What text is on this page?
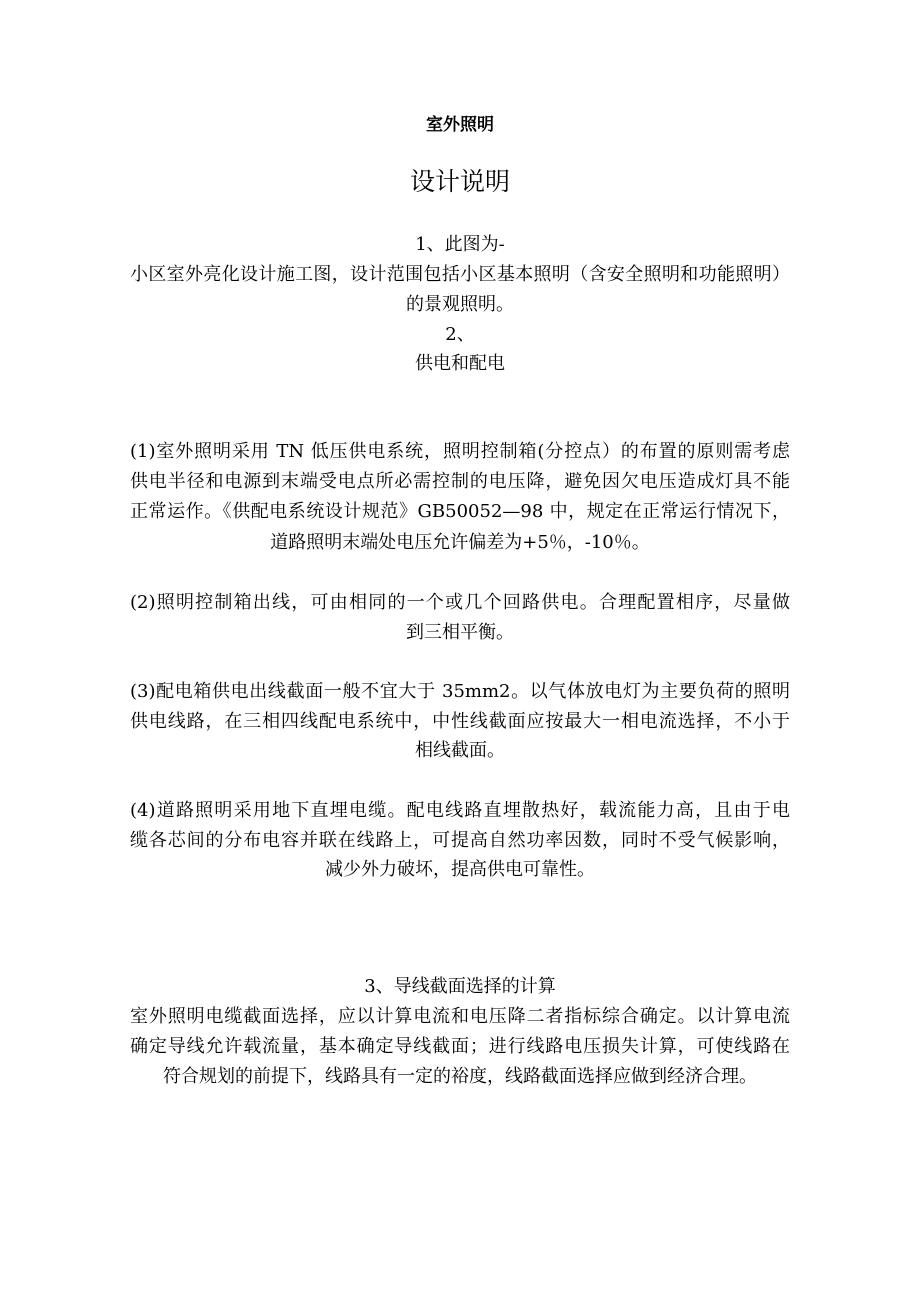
室外照明
设计说明
1、此图为-
小区室外亮化设计施工图，设计范围包括小区基本照明（含安全照明和功能照明）
的景观照明。
2、
供电和配电
(1)室外照明采用 TN 低压供电系统，照明控制箱(分控点）的布置的原则需考虑
供电半径和电源到末端受电点所必需控制的电压降，避免因欠电压造成灯具不能
正常运作。《供配电系统设计规范》GB50052—98 中，规定在正常运行情况下，
道路照明末端处电压允许偏差为+5％，-10％。
(2)照明控制箱出线，可由相同的一个或几个回路供电。合理配置相序，尽量做
到三相平衡。
(3)配电箱供电出线截面一般不宜大于 35mm2。以气体放电灯为主要负荷的照明
供电线路，在三相四线配电系统中，中性线截面应按最大一相电流选择，不小于
相线截面。
(4)道路照明采用地下直埋电缆。配电线路直埋散热好，载流能力高，且由于电
缆各芯间的分布电容并联在线路上，可提高自然功率因数，同时不受气候影响，
减少外力破坏，提高供电可靠性。
3、导线截面选择的计算
室外照明电缆截面选择，应以计算电流和电压降二者指标综合确定。以计算电流
确定导线允许载流量，基本确定导线截面；进行线路电压损失计算，可使线路在
符合规划的前提下，线路具有一定的裕度，线路截面选择应做到经济合理。
